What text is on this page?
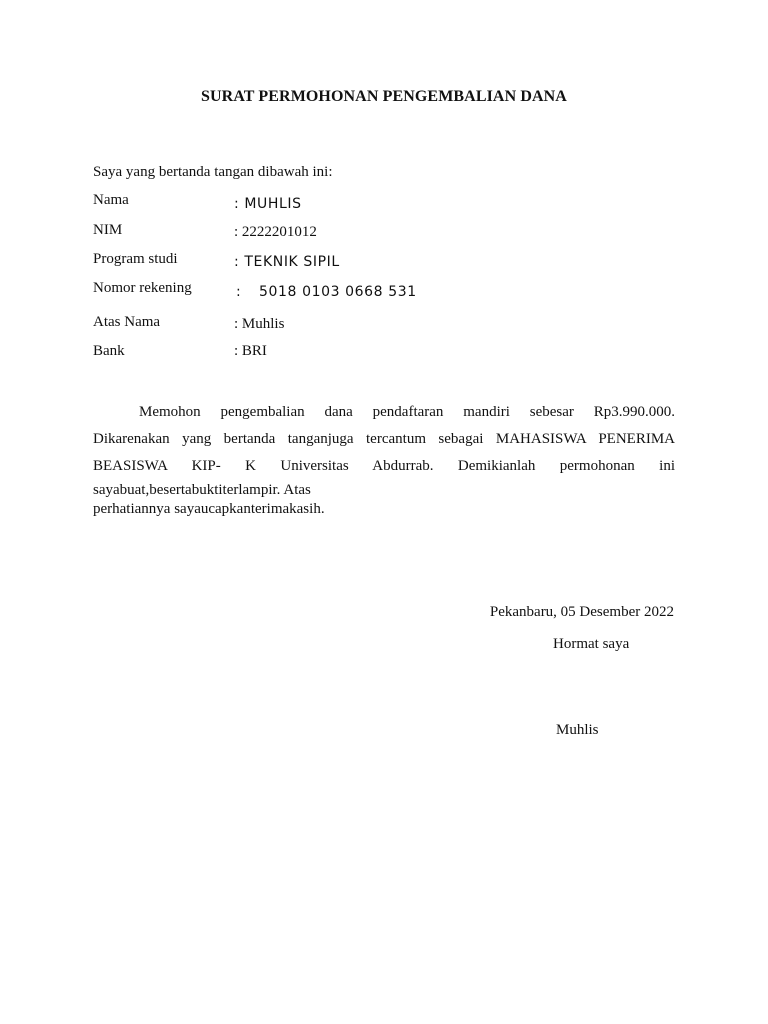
SURAT PERMOHONAN PENGEMBALIAN DANA
Saya yang bertanda tangan dibawah ini:
Nama	: MUHLIS
NIM	: 2222201012
Program studi	: TEKNIK SIPIL
Nomor rekening	: 5018 0103 0668 531
Atas Nama	: Muhlis
Bank	: BRI
Memohon pengembalian dana pendaftaran mandiri sebesar Rp3.990.000.
Dikarenakan yang bertanda tanganjuga tercantum sebagai MAHASISWA PENERIMA
BEASISWA KIP- K Universitas Abdurrab. Demikianlah permohonan ini
sayabuat,besertabuktiterlampir. Atas
perhatiannya sayaucapkanterimakasih.
Pekanbaru, 05 Desember 2022
Hormat saya
Muhlis
